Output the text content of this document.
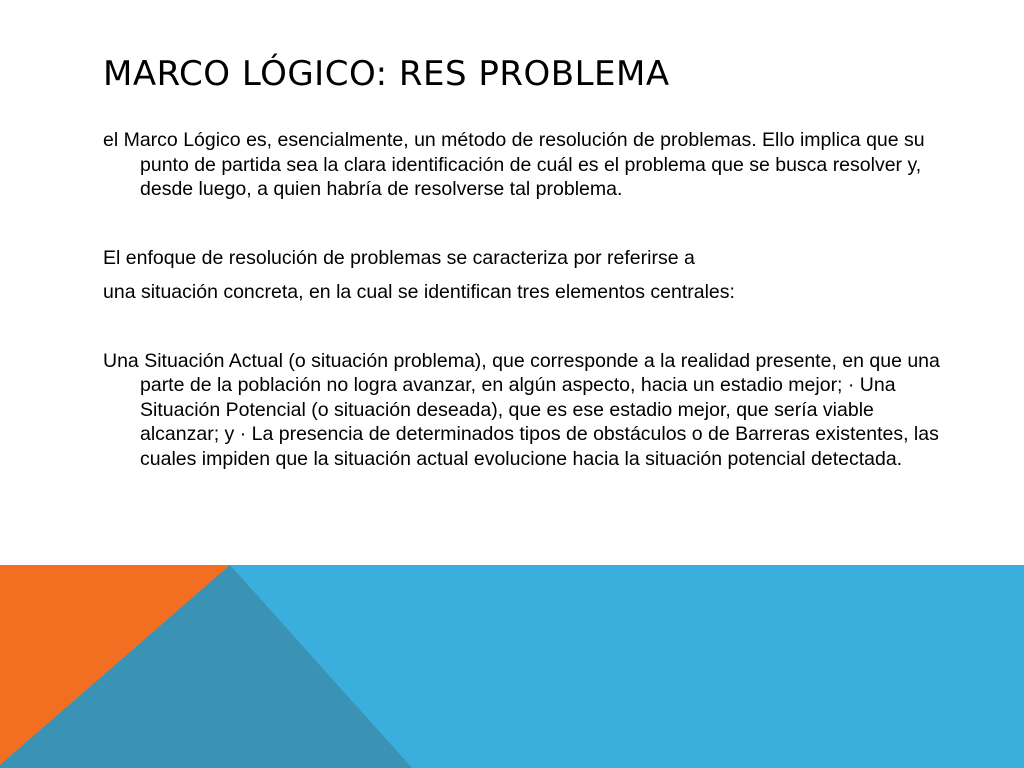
MARCO LÓGICO: RES PROBLEMA

el Marco Lógico es, esencialmente, un método de resolución de problemas. Ello implica que su punto de partida sea la clara identificación de cuál es el problema que se busca resolver y, desde luego, a quien habría de resolverse tal problema.

El enfoque de resolución de problemas se caracteriza por referirse a

una situación concreta, en la cual se identifican tres elementos centrales:

Una Situación Actual (o situación problema), que corresponde a la realidad presente, en que una parte de la población no logra avanzar, en algún aspecto, hacia un estadio mejor; · Una Situación Potencial (o situación deseada), que es ese estadio mejor, que sería viable alcanzar; y · La presencia de determinados tipos de obstáculos o de Barreras existentes, las cuales impiden que la situación actual evolucione hacia la situación potencial detectada.
